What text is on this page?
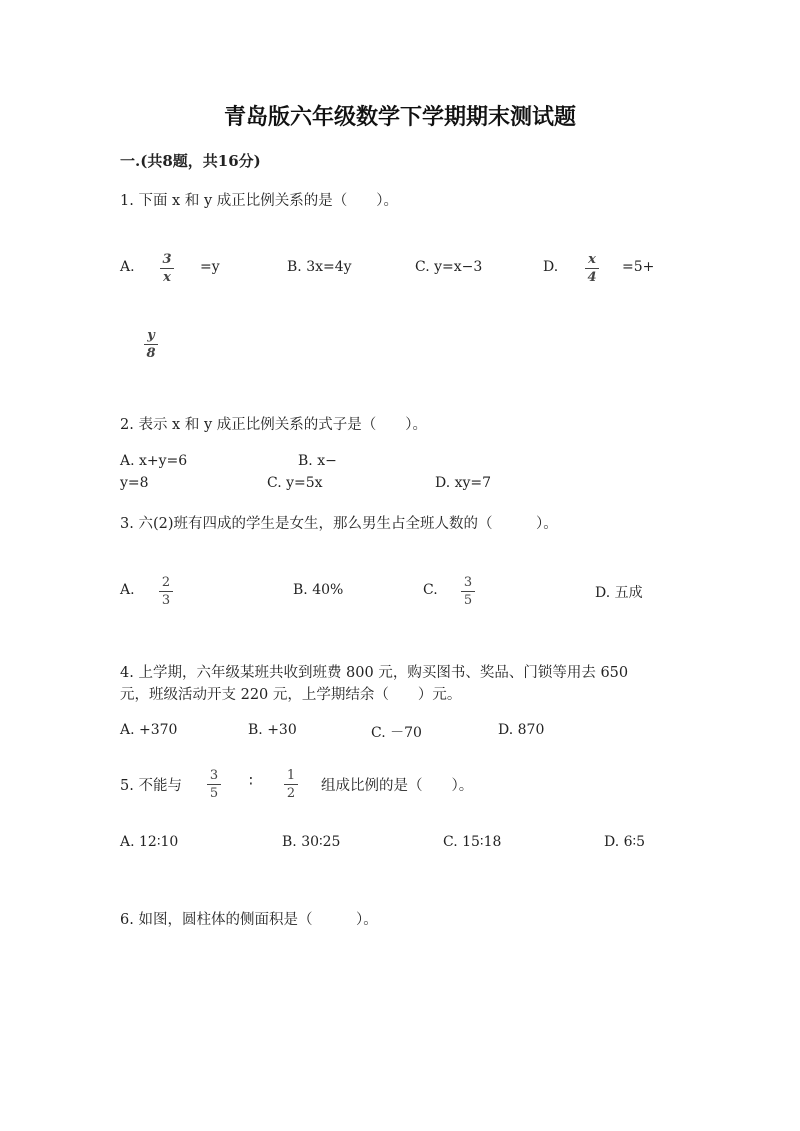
青岛版六年级数学下学期期末测试题
一.(共8题，共16分)
1. 下面 x 和 y 成正比例关系的是（　　）。
A. 3
x
=y	B. 3x=4y	C. y=x−3	D. x
4
=5+
y
8
2. 表示 x 和 y 成正比例关系的式子是（　　）。
A. x+y=6	B. x−
y=8	C. y=5x	D. xy=7
3. 六(2)班有四成的学生是女生，那么男生占全班人数的（　　　）。
A. 2
3
B. 40%	C. 3
5	D. 五成
4. 上学期，六年级某班共收到班费 800 元，购买图书、奖品、门锁等用去 650
元，班级活动开支 220 元，上学期结余（　　）元。
A. +370	B. +30	C. －70	D. 870
5. 不能与
3
5
∶	1
2 组成比例的是（　　）。
A. 12∶10	B. 30∶25	C. 15∶18	D. 6∶5
6. 如图，圆柱体的侧面积是（　　　）。
